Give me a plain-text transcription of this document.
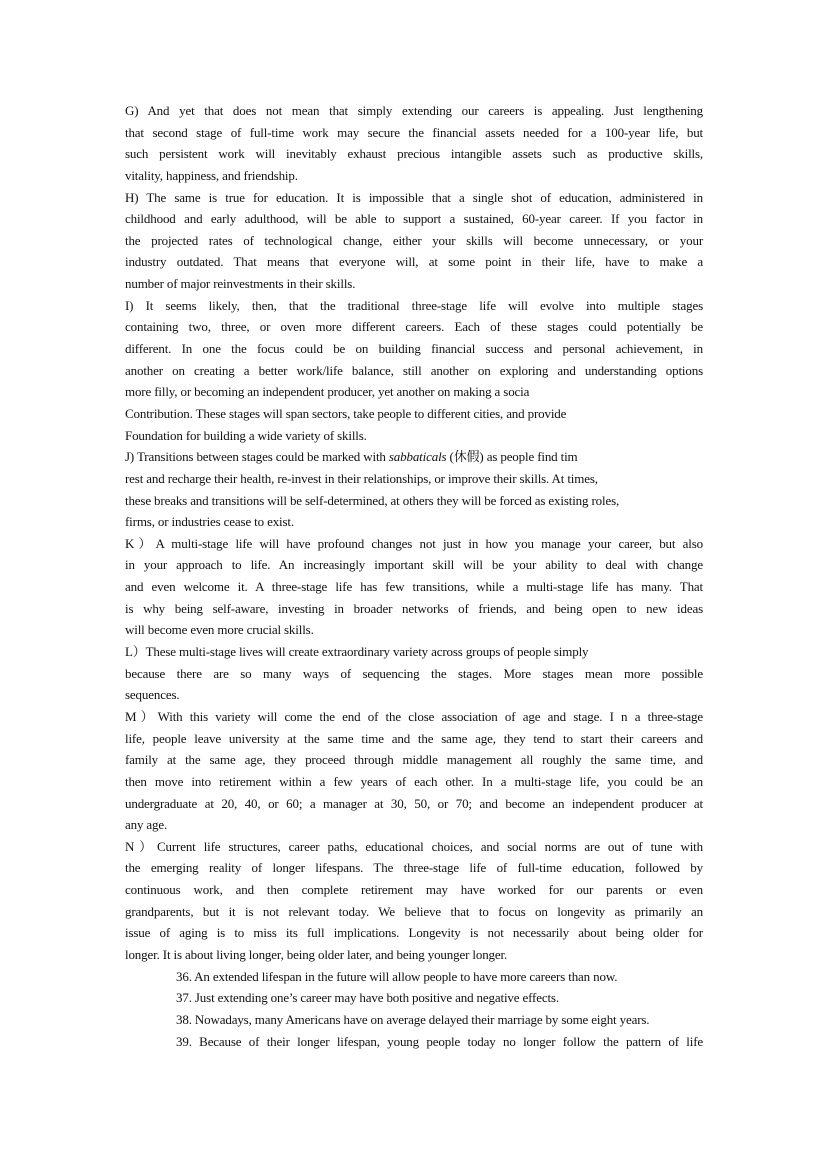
G) And yet that does not mean that simply extending our careers is appealing. Just lengthening
that second stage of full-time work may secure the financial assets needed for a 100-year life, but
such persistent work will inevitably exhaust precious intangible assets such as productive skills,
vitality, happiness, and friendship.
H) The same is true for education. It is impossible that a single shot of education, administered in
childhood and early adulthood, will be able to support a sustained, 60-year career. If you factor in
the projected rates of technological change, either your skills will become unnecessary, or your
industry outdated. That means that everyone will, at some point in their life, have to make a
number of major reinvestments in their skills.
I) It seems likely, then, that the traditional three-stage life will evolve into multiple stages
containing two, three, or oven more different careers. Each of these stages could potentially be
different. In one the focus could be on building financial success and personal achievement, in
another on creating a better work/life balance, still another on exploring and understanding options
more filly, or becoming an independent producer, yet another on making a socia
Contribution. These stages will span sectors, take people to different cities, and provide
Foundation for building a wide variety of skills.
J) Transitions between stages could be marked with sabbaticals (休假) as people find tim
rest and recharge their health, re-invest in their relationships, or improve their skills. At times,
these breaks and transitions will be self-determined, at others they will be forced as existing roles,
firms, or industries cease to exist.
K）A multi-stage life will have profound changes not just in how you manage your career, but also
in your approach to life. An increasingly important skill will be your ability to deal with change
and even welcome it. A three-stage life has few transitions, while a multi-stage life has many. That
is why being self-aware, investing in broader networks of friends, and being open to new ideas
will become even more crucial skills.
L）These multi-stage lives will create extraordinary variety across groups of people simply
because there are so many ways of sequencing the stages. More stages mean more possible
sequences.
M）With this variety will come the end of the close association of age and stage. I n a three-stage
life, people leave university at the same time and the same age, they tend to start their careers and
family at the same age, they proceed through middle management all roughly the same time, and
then move into retirement within a few years of each other. In a multi-stage life, you could be an
undergraduate at 20, 40, or 60; a manager at 30, 50, or 70; and become an independent producer at
any age.
N）Current life structures, career paths, educational choices, and social norms are out of tune with
the emerging reality of longer lifespans. The three-stage life of full-time education, followed by
continuous work, and then complete retirement may have worked for our parents or even
grandparents, but it is not relevant today. We believe that to focus on longevity as primarily an
issue of aging is to miss its full implications. Longevity is not necessarily about being older for
longer. It is about living longer, being older later, and being younger longer.
36. An extended lifespan in the future will allow people to have more careers than now.
37. Just extending one’s career may have both positive and negative effects.
38. Nowadays, many Americans have on average delayed their marriage by some eight years.
39. Because of their longer lifespan, young people today no longer follow the pattern of life
